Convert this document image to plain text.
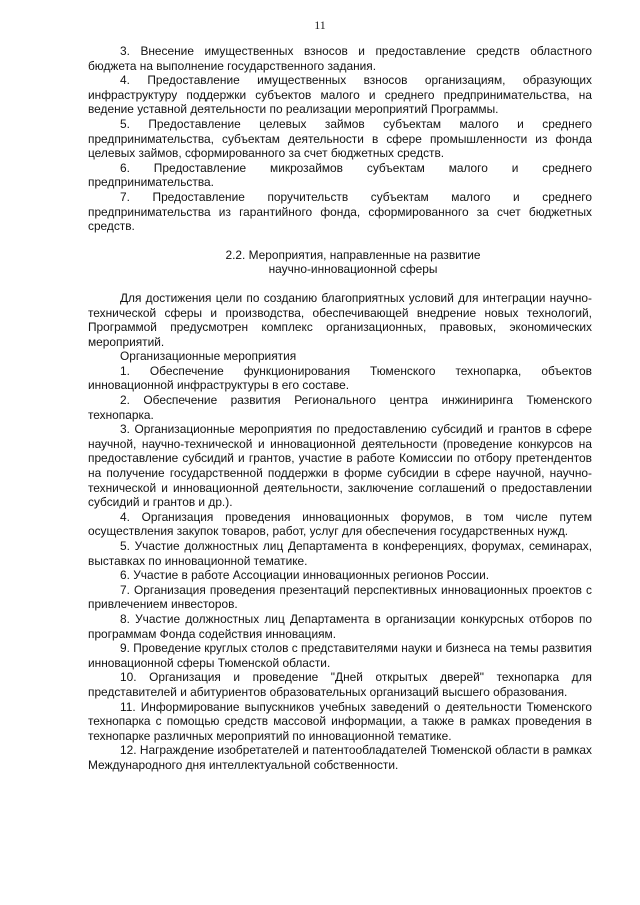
11

3. Внесение имущественных взносов и предоставление средств областного бюджета на выполнение государственного задания.

4. Предоставление имущественных взносов организациям, образующих инфраструктуру поддержки субъектов малого и среднего предпринимательства, на ведение уставной деятельности по реализации мероприятий Программы.

5. Предоставление целевых займов субъектам малого и среднего предпринимательства, субъектам деятельности в сфере промышленности из фонда целевых займов, сформированного за счет бюджетных средств.

6. Предоставление микрозаймов субъектам малого и среднего предпринимательства.

7. Предоставление поручительств субъектам малого и среднего предпринимательства из гарантийного фонда, сформированного за счет бюджетных средств.

2.2. Мероприятия, направленные на развитие
научно-инновационной сферы

Для достижения цели по созданию благоприятных условий для интеграции научно-технической сферы и производства, обеспечивающей внедрение новых технологий, Программой предусмотрен комплекс организационных, правовых, экономических мероприятий.

Организационные мероприятия

1. Обеспечение функционирования Тюменского технопарка, объектов инновационной инфраструктуры в его составе.

2. Обеспечение развития Регионального центра инжиниринга Тюменского технопарка.

3. Организационные мероприятия по предоставлению субсидий и грантов в сфере научной, научно-технической и инновационной деятельности (проведение конкурсов на предоставление субсидий и грантов, участие в работе Комиссии по отбору претендентов на получение государственной поддержки в форме субсидии в сфере научной, научно-технической и инновационной деятельности, заключение соглашений о предоставлении субсидий и грантов и др.).

4. Организация проведения инновационных форумов, в том числе путем осуществления закупок товаров, работ, услуг для обеспечения государственных нужд.

5. Участие должностных лиц Департамента в конференциях, форумах, семинарах, выставках по инновационной тематике.

6. Участие в работе Ассоциации инновационных регионов России.

7. Организация проведения презентаций перспективных инновационных проектов с привлечением инвесторов.

8. Участие должностных лиц Департамента в организации конкурсных отборов по программам Фонда содействия инновациям.

9. Проведение круглых столов с представителями науки и бизнеса на темы развития инновационной сферы Тюменской области.

10. Организация и проведение "Дней открытых дверей" технопарка для представителей и абитуриентов образовательных организаций высшего образования.

11. Информирование выпускников учебных заведений о деятельности Тюменского технопарка с помощью средств массовой информации, а также в рамках проведения в технопарке различных мероприятий по инновационной тематике.

12. Награждение изобретателей и патентообладателей Тюменской области в рамках Международного дня интеллектуальной собственности.
